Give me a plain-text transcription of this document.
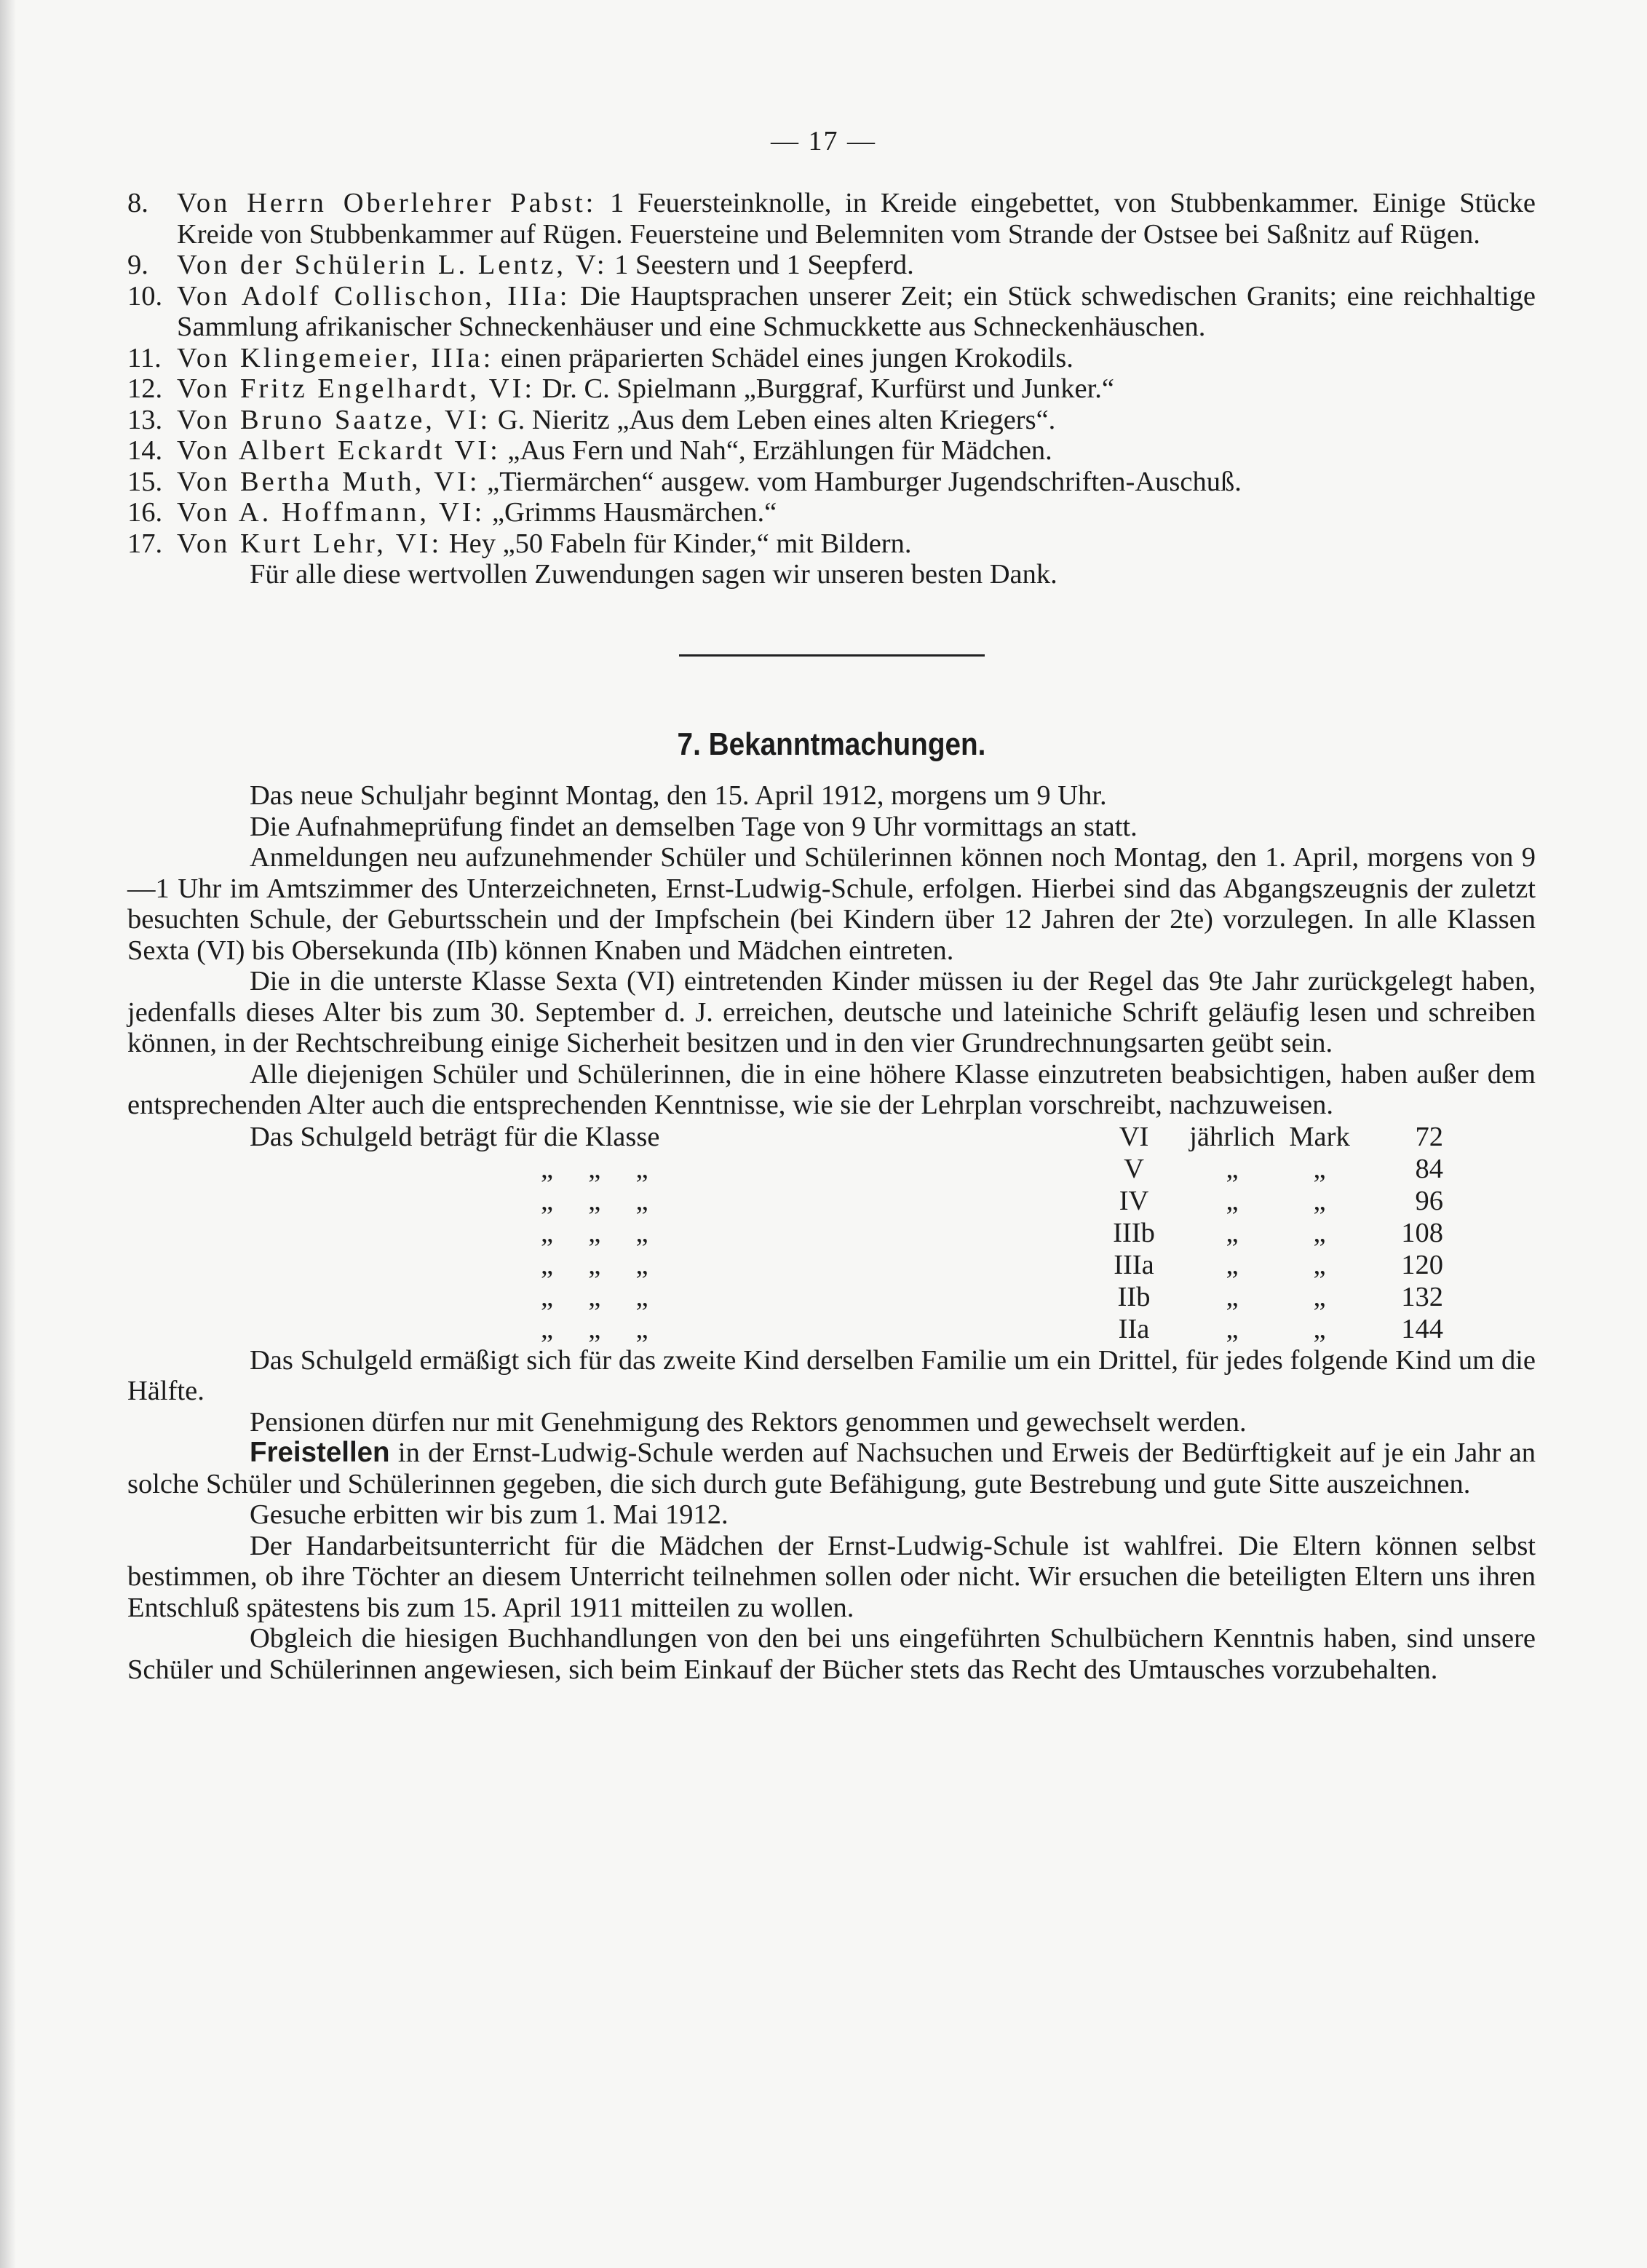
— 17 —
8. Von Herrn Oberlehrer Pabst: 1 Feuersteinknolle, in Kreide eingebettet, von Stubbenkammer. Einige Stücke Kreide von Stubbenkammer auf Rügen. Feuersteine und Belemniten vom Strande der Ostsee bei Saßnitz auf Rügen.
9. Von der Schülerin L. Lentz, V: 1 Seestern und 1 Seepferd.
10. Von Adolf Collischon, IIIa: Die Hauptsprachen unserer Zeit; ein Stück schwedischen Granits; eine reichhaltige Sammlung afrikanischer Schneckenhäuser und eine Schmuckkette aus Schneckenhäuschen.
11. Von Klingemeier, IIIa: einen präparierten Schädel eines jungen Krokodils.
12. Von Fritz Engelhardt, VI: Dr. C. Spielmann „Burggraf, Kurfürst und Junker.“
13. Von Bruno Saatze, VI: G. Nieritz „Aus dem Leben eines alten Kriegers“.
14. Von Albert Eckardt VI: „Aus Fern und Nah“, Erzählungen für Mädchen.
15. Von Bertha Muth, VI: „Tiermärchen“ ausgew. vom Hamburger Jugendschriften-Auschuß.
16. Von A. Hoffmann, VI: „Grimms Hausmärchen.“
17. Von Kurt Lehr, VI: Hey „50 Fabeln für Kinder,“ mit Bildern.
Für alle diese wertvollen Zuwendungen sagen wir unseren besten Dank.
7. Bekanntmachungen.
Das neue Schuljahr beginnt Montag, den 15. April 1912, morgens um 9 Uhr.
Die Aufnahmeprüfung findet an demselben Tage von 9 Uhr vormittags an statt.
Anmeldungen neu aufzunehmender Schüler und Schülerinnen können noch Montag, den 1. April, morgens von 9—1 Uhr im Amtszimmer des Unterzeichneten, Ernst-Ludwig-Schule, erfolgen. Hierbei sind das Abgangszeugnis der zuletzt besuchten Schule, der Geburtsschein und der Impfschein (bei Kindern über 12 Jahren der 2te) vorzulegen. In alle Klassen Sexta (VI) bis Obersekunda (IIb) können Knaben und Mädchen eintreten.
Die in die unterste Klasse Sexta (VI) eintretenden Kinder müssen iu der Regel das 9te Jahr zurückgelegt haben, jedenfalls dieses Alter bis zum 30. September d. J. erreichen, deutsche und lateiniche Schrift geläufig lesen und schreiben können, in der Rechtschreibung einige Sicherheit besitzen und in den vier Grundrechnungsarten geübt sein.
Alle diejenigen Schüler und Schülerinnen, die in eine höhere Klasse einzutreten beabsichtigen, haben außer dem entsprechenden Alter auch die entsprechenden Kenntnisse, wie sie der Lehrplan vorschreibt, nachzuweisen.
Das Schulgeld beträgt für die Klasse	VI	jährlich	Mark	72
„ „ „	V	„	„	84
„ „ „	IV	„	„	96
„ „ „	IIIb	„	„	108
„ „ „	IIIa	„	„	120
„ „ „	IIb	„	„	132
„ „ „	IIa	„	„	144
Das Schulgeld ermäßigt sich für das zweite Kind derselben Familie um ein Drittel, für jedes folgende Kind um die Hälfte.
Pensionen dürfen nur mit Genehmigung des Rektors genommen und gewechselt werden.
Freistellen in der Ernst-Ludwig-Schule werden auf Nachsuchen und Erweis der Bedürftigkeit auf je ein Jahr an solche Schüler und Schülerinnen gegeben, die sich durch gute Befähigung, gute Bestrebung und gute Sitte auszeichnen.
Gesuche erbitten wir bis zum 1. Mai 1912.
Der Handarbeitsunterricht für die Mädchen der Ernst-Ludwig-Schule ist wahlfrei. Die Eltern können selbst bestimmen, ob ihre Töchter an diesem Unterricht teilnehmen sollen oder nicht. Wir ersuchen die beteiligten Eltern uns ihren Entschluß spätestens bis zum 15. April 1911 mitteilen zu wollen.
Obgleich die hiesigen Buchhandlungen von den bei uns eingeführten Schulbüchern Kenntnis haben, sind unsere Schüler und Schülerinnen angewiesen, sich beim Einkauf der Bücher stets das Recht des Umtausches vorzubehalten.
